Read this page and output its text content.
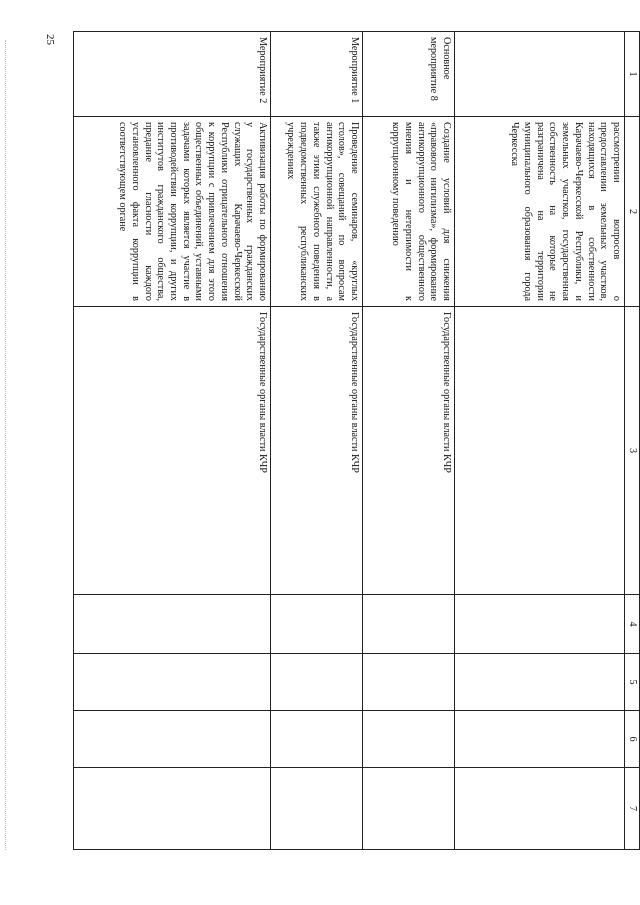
25
1	2	3	4	5	6	7
	рассмотрении вопросов о предоставлении земельных участков, находящихся в собственности Карачаево-Черкесской Республики, и земельных участков, государственная собственность на которые не разграничена на территории муниципального образования города Черкесска					
Основное мероприятие 8	Создание условий для снижения «правового нигилизма», формирование антикоррупционного общественного мнения и нетерпимости к коррупционному поведению	Государственные органы власти КЧР				
Мероприятие 1	Проведение семинаров, «круглых столов», совещаний по вопросам антикоррупционной направленности, а также этики служебного поведения в подведомственных республиканских учреждениях	Государственные органы власти КЧР				
Мероприятие 2	Активизация работы по формированию у государственных гражданских служащих Карачаево-Черкесской Республики отрицательного отношения к коррупции с привлечением для этого общественных объединений, уставными задачами которых является участие в противодействии коррупции, и других институтов гражданского общества, предание гласности каждого установленного факта коррупции в соответствующем органе	Государственные органы власти КЧР				
